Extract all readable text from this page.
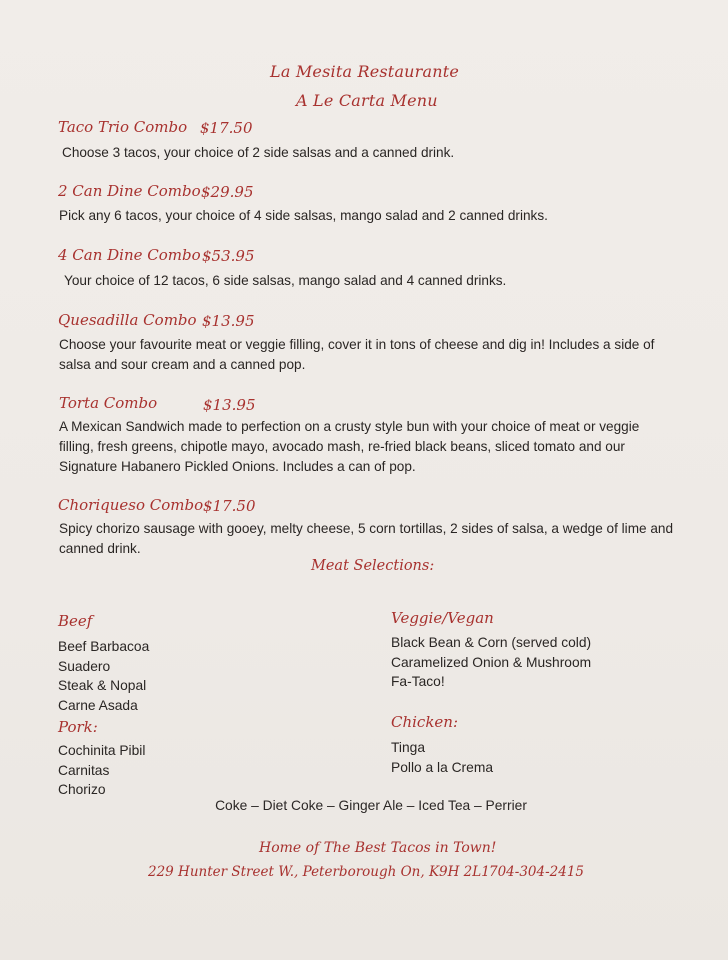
La Mesita Restaurante
A Le Carta Menu
Taco Trio Combo $17.50
Choose 3 tacos, your choice of 2 side salsas and a canned drink.
2 Can Dine Combo $29.95
Pick any 6 tacos, your choice of 4 side salsas, mango salad and 2 canned drinks.
4 Can Dine Combo $53.95
Your choice of 12 tacos, 6 side salsas, mango salad and 4 canned drinks.
Quesadilla Combo $13.95
Choose your favourite meat or veggie filling, cover it in tons of cheese and dig in! Includes a side of salsa and sour cream and a canned pop.
Torta Combo	$13.95
A Mexican Sandwich made to perfection on a crusty style bun with your choice of meat or veggie filling, fresh greens, chipotle mayo, avocado mash, re-fried black beans, sliced tomato and our Signature Habanero Pickled Onions. Includes a can of pop.
Choriqueso Combo $17.50
Spicy chorizo sausage with gooey, melty cheese, 5 corn tortillas, 2 sides of salsa, a wedge of lime and canned drink.
Meat Selections:
Beef
Beef Barbacoa
Suadero
Steak & Nopal
Carne Asada
Pork:
Cochinita Pibil
Carnitas
Chorizo
Veggie/Vegan
Black Bean & Corn (served cold)
Caramelized Onion & Mushroom
Fa-Taco!
Chicken:
Tinga
Pollo a la Crema
Coke – Diet Coke – Ginger Ale – Iced Tea – Perrier
Home of The Best Tacos in Town!
229 Hunter Street W., Peterborough On, K9H 2L1 704-304-2415
